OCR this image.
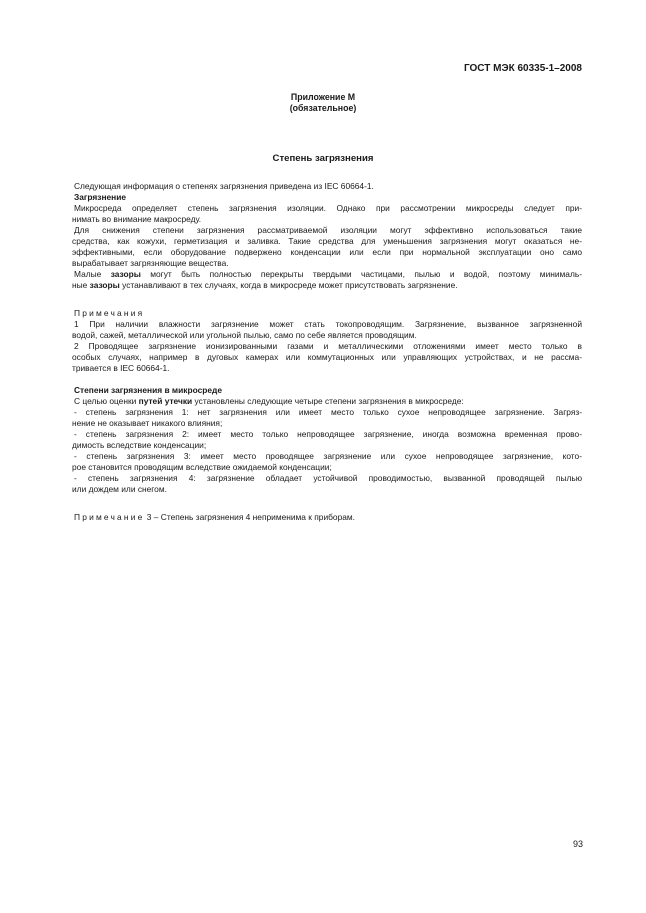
ГОСТ МЭК 60335-1–2008
Приложение М
(обязательное)
Степень загрязнения

Следующая информация о степенях загрязнения приведена из IEC 60664-1.

Загрязнение

Микросреда определяет степень загрязнения изоляции. Однако при рассмотрении микросреды следует при-

нимать во внимание макросреду.

Для снижения степени загрязнения рассматриваемой изоляции могут эффективно использоваться такие

средства, как кожухи, герметизация и заливка. Такие средства для уменьшения загрязнения могут оказаться не-

эффективными, если оборудование подвержено конденсации или если при нормальной эксплуатации оно само

вырабатывает загрязняющие вещества.

Малые зазоры могут быть полностью перекрыты твердыми частицами, пылью и водой, поэтому минималь-

ные зазоры устанавливают в тех случаях, когда в микросреде может присутствовать загрязнение.

Примечания

1 При наличии влажности загрязнение может стать токопроводящим. Загрязнение, вызванное загрязненной

водой, сажей, металлической или угольной пылью, само по себе является проводящим.

2 Проводящее загрязнение ионизированными газами и металлическими отложениями имеет место только в

особых случаях, например в дуговых камерах или коммутационных или управляющих устройствах, и не рассма-

тривается в IEC 60664-1.

Степени загрязнения в микросреде

С целью оценки путей утечки установлены следующие четыре степени загрязнения в микросреде:

- степень загрязнения 1: нет загрязнения или имеет место только сухое непроводящее загрязнение. Загряз-

нение не оказывает никакого влияния;

- степень загрязнения 2: имеет место только непроводящее загрязнение, иногда возможна временная прово-

димость вследствие конденсации;

- степень загрязнения 3: имеет место проводящее загрязнение или сухое непроводящее загрязнение, кото-

рое становится проводящим вследствие ожидаемой конденсации;

- степень загрязнения 4: загрязнение обладает устойчивой проводимостью, вызванной проводящей пылью

или дождем или снегом.

Примечание 3 – Степень загрязнения 4 неприменима к приборам.

93
